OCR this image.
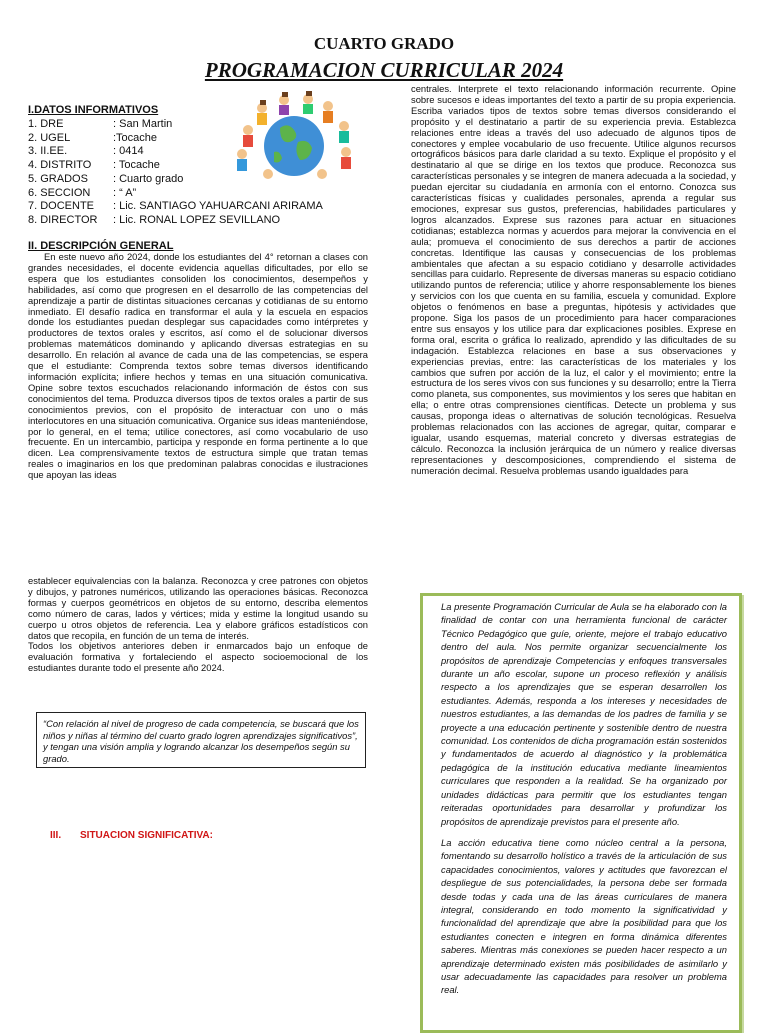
CUARTO GRADO
PROGRAMACION CURRICULAR 2024
I.DATOS INFORMATIVOS
1. DRE	: San Martin
2. UGEL	:Tocache
3. II.EE.	: 0414
4. DISTRITO	: Tocache
5. GRADOS	: Cuarto grado
6. SECCION	: “ A”
7. DOCENTE	: Lic. SANTIAGO YAHUARCANI ARIRAMA
8. DIRECTOR	: Lic. RONAL LOPEZ SEVILLANO
II. DESCRIPCIÓN GENERAL
En este nuevo año 2024, donde los estudiantes del 4° retornan a clases con grandes necesidades, el docente evidencia aquellas dificultades, por ello se espera que los estudiantes consoliden los conocimientos, desempeños y habilidades, así como que progresen en el desarrollo de las competencias del aprendizaje a partir de distintas situaciones cercanas y cotidianas de su entorno inmediato. El desafío radica en transformar el aula y la escuela en espacios donde los estudiantes puedan desplegar sus capacidades como intérpretes y productores de textos orales y escritos, así como el de solucionar diversos problemas matemáticos dominando y aplicando diversas estrategias en su desarrollo. En relación al avance de cada una de las competencias, se espera que el estudiante: Comprenda textos sobre temas diversos identificando información explícita; infiere hechos y temas en una situación comunicativa. Opine sobre textos escuchados relacionando información de éstos con sus conocimientos del tema. Produzca diversos tipos de textos orales a partir de sus conocimientos previos, con el propósito de interactuar con uno o más interlocutores en una situación comunicativa. Organice sus ideas manteniéndose, por lo general, en el tema; utilice conectores, así como vocabulario de uso frecuente. En un intercambio, participa y responde en forma pertinente a lo que dicen. Lea comprensivamente textos de estructura simple que tratan temas reales o imaginarios en los que predominan palabras conocidas e ilustraciones que apoyan las ideas
centrales. Interprete el texto relacionando información recurrente. Opine sobre sucesos e ideas importantes del texto a partir de su propia experiencia. Escriba variados tipos de textos sobre temas diversos considerando el propósito y el destinatario a partir de su experiencia previa. Establezca relaciones entre ideas a través del uso adecuado de algunos tipos de conectores y emplee vocabulario de uso frecuente. Utilice algunos recursos ortográficos básicos para darle claridad a su texto. Explique el propósito y el destinatario al que se dirige en los textos que produce. Reconozca sus características personales y se integren de manera adecuada a la sociedad, y puedan ejercitar su ciudadanía en armonía con el entorno. Conozca sus características físicas y cualidades personales, aprenda a regular sus emociones, expresar sus gustos, preferencias, habilidades particulares y logros alcanzados. Exprese sus razones para actuar en situaciones cotidianas; establezca normas y acuerdos para mejorar la convivencia en el aula; promueva el conocimiento de sus derechos a partir de acciones concretas. Identifique las causas y consecuencias de los problemas ambientales que afectan a su espacio cotidiano y desarrolle actividades sencillas para cuidarlo. Represente de diversas maneras su espacio cotidiano utilizando puntos de referencia; utilice y ahorre responsablemente los bienes y servicios con los que cuenta en su familia, escuela y comunidad. Explore objetos o fenómenos en base a preguntas, hipótesis y actividades que propone. Siga los pasos de un procedimiento para hacer comparaciones entre sus ensayos y los utilice para dar explicaciones posibles. Exprese en forma oral, escrita o gráfica lo realizado, aprendido y las dificultades de su indagación. Establezca relaciones en base a sus observaciones y experiencias previas, entre: las características de los materiales y los cambios que sufren por acción de la luz, el calor y el movimiento; entre la estructura de los seres vivos con sus funciones y su desarrollo; entre la Tierra como planeta, sus componentes, sus movimientos y los seres que habitan en ella; o entre otras comprensiones científicas. Detecte un problema y sus causas, proponga ideas o alternativas de solución tecnológicas. Resuelva problemas relacionados con las acciones de agregar, quitar, comparar e igualar, usando esquemas, material concreto y diversas estrategias de cálculo. Reconozca la inclusión jerárquica de un número y realice diversas representaciones y descomposiciones, comprendiendo el sistema de numeración decimal. Resuelva problemas usando igualdades para
establecer equivalencias con la balanza. Reconozca y cree patrones con objetos y dibujos, y patrones numéricos, utilizando las operaciones básicas. Reconozca formas y cuerpos geométricos en objetos de su entorno, describa elementos como número de caras, lados y vértices; mida y estime la longitud usando su cuerpo u otros objetos de referencia. Lea y elabore gráficos estadísticos con datos que recopila, en función de un tema de interés.
Todos los objetivos anteriores deben ir enmarcados bajo un enfoque de evaluación formativa y fortaleciendo el aspecto socioemocional de los estudiantes durante todo el presente año 2024.
“Con relación al nivel de progreso de cada competencia, se buscará que los niños y niñas al término del cuarto grado logren aprendizajes significativos”, y tengan una visión amplia y logrando alcanzar los desempeños según su grado.
III. SITUACION SIGNIFICATIVA:

La presente Programación Curricular de Aula se ha elaborado con la finalidad de contar con una herramienta funcional de carácter Técnico Pedagógico que guíe, oriente, mejore el trabajo educativo dentro del aula. Nos permite organizar secuencialmente los propósitos de aprendizaje Competencias y enfoques transversales durante un año escolar, supone un proceso reflexión y análisis respecto a los aprendizajes que se esperan desarrollen los estudiantes. Además, responda a los intereses y necesidades de nuestros estudiantes, a las demandas de los padres de familia y se proyecte a una educación pertinente y sostenible dentro de nuestra comunidad. Los contenidos de dicha programación están sostenidos y fundamentados de acuerdo al diagnóstico y la problemática pedagógica de la institución educativa mediante lineamientos curriculares que responden a la realidad. Se ha organizado por unidades didácticas para permitir que los estudiantes tengan reiteradas oportunidades para desarrollar y profundizar los propósitos de aprendizaje previstos para el presente año.

La acción educativa tiene como núcleo central a la persona, fomentando su desarrollo holístico a través de la articulación de sus capacidades conocimientos, valores y actitudes que favorezcan el despliegue de sus potencialidades, la persona debe ser formada desde todas y cada una de las áreas curriculares de manera integral, considerando en todo momento la significatividad y funcionalidad del aprendizaje que abre la posibilidad para que los estudiantes conecten e integren en forma dinámica diferentes saberes. Mientras más conexiones se pueden hacer respecto a un aprendizaje determinado existen más posibilidades de asimilarlo y usar adecuadamente las capacidades para resolver un problema real.
